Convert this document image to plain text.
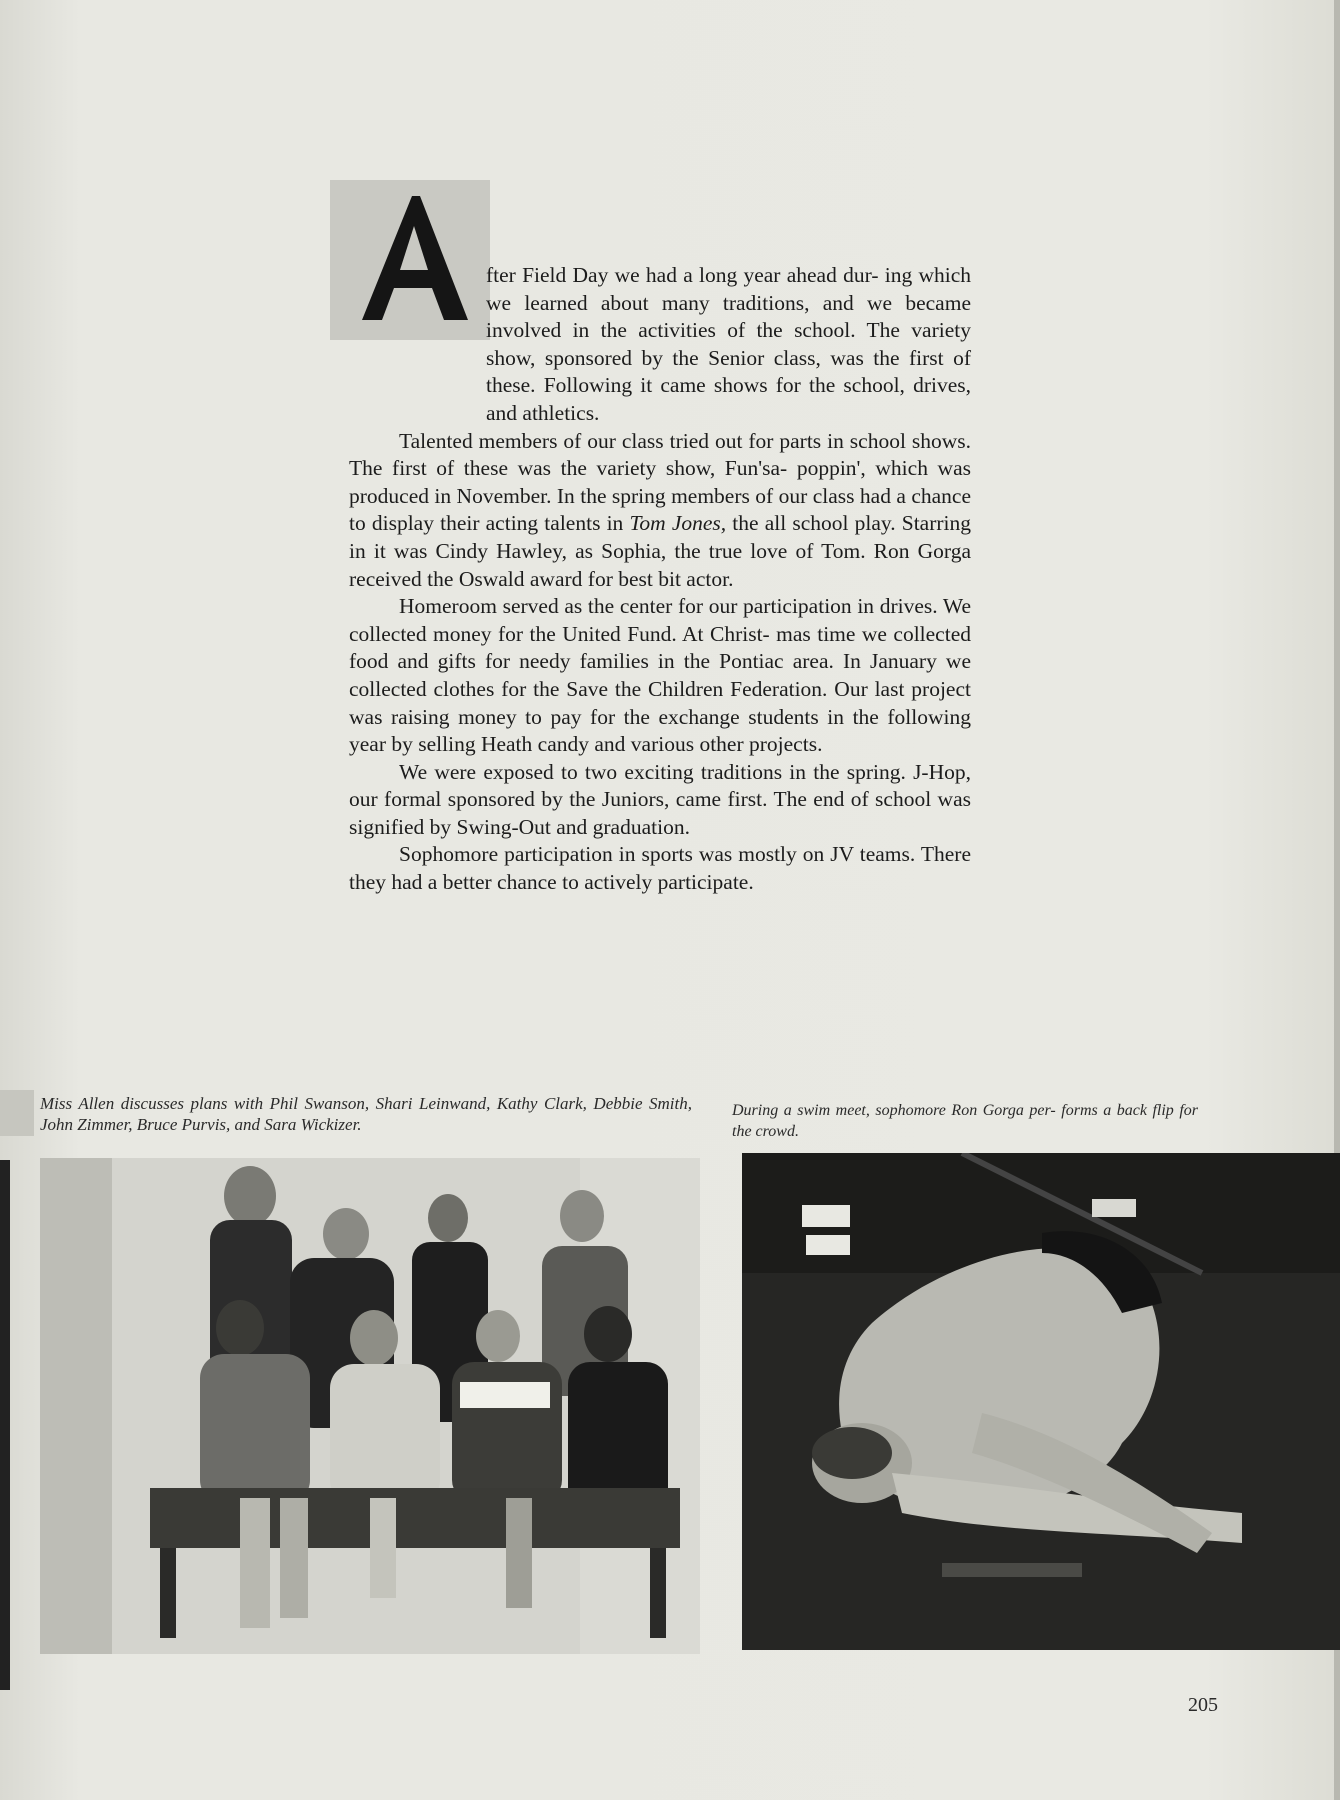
fter Field Day we had a long year ahead dur- ing which we learned about many traditions, and we became involved in the activities of the school. The variety show, sponsored by the Senior class, was the first of these. Following it came shows for the school, drives, and athletics.

Talented members of our class tried out for parts in school shows. The first of these was the variety show, Fun'sa- poppin', which was produced in November. In the spring members of our class had a chance to display their acting talents in Tom Jones, the all school play. Starring in it was Cindy Hawley, as Sophia, the true love of Tom. Ron Gorga received the Oswald award for best bit actor.

Homeroom served as the center for our participation in drives. We collected money for the United Fund. At Christ- mas time we collected food and gifts for needy families in the Pontiac area. In January we collected clothes for the Save the Children Federation. Our last project was raising money to pay for the exchange students in the following year by selling Heath candy and various other projects.

We were exposed to two exciting traditions in the spring. J-Hop, our formal sponsored by the Juniors, came first. The end of school was signified by Swing-Out and graduation.

Sophomore participation in sports was mostly on JV teams. There they had a better chance to actively participate.

Miss Allen discusses plans with Phil Swanson, Shari Leinwand, Kathy Clark, Debbie Smith, John Zimmer, Bruce Purvis, and Sara Wickizer.
During a swim meet, sophomore Ron Gorga per- forms a back flip for the crowd.
205
